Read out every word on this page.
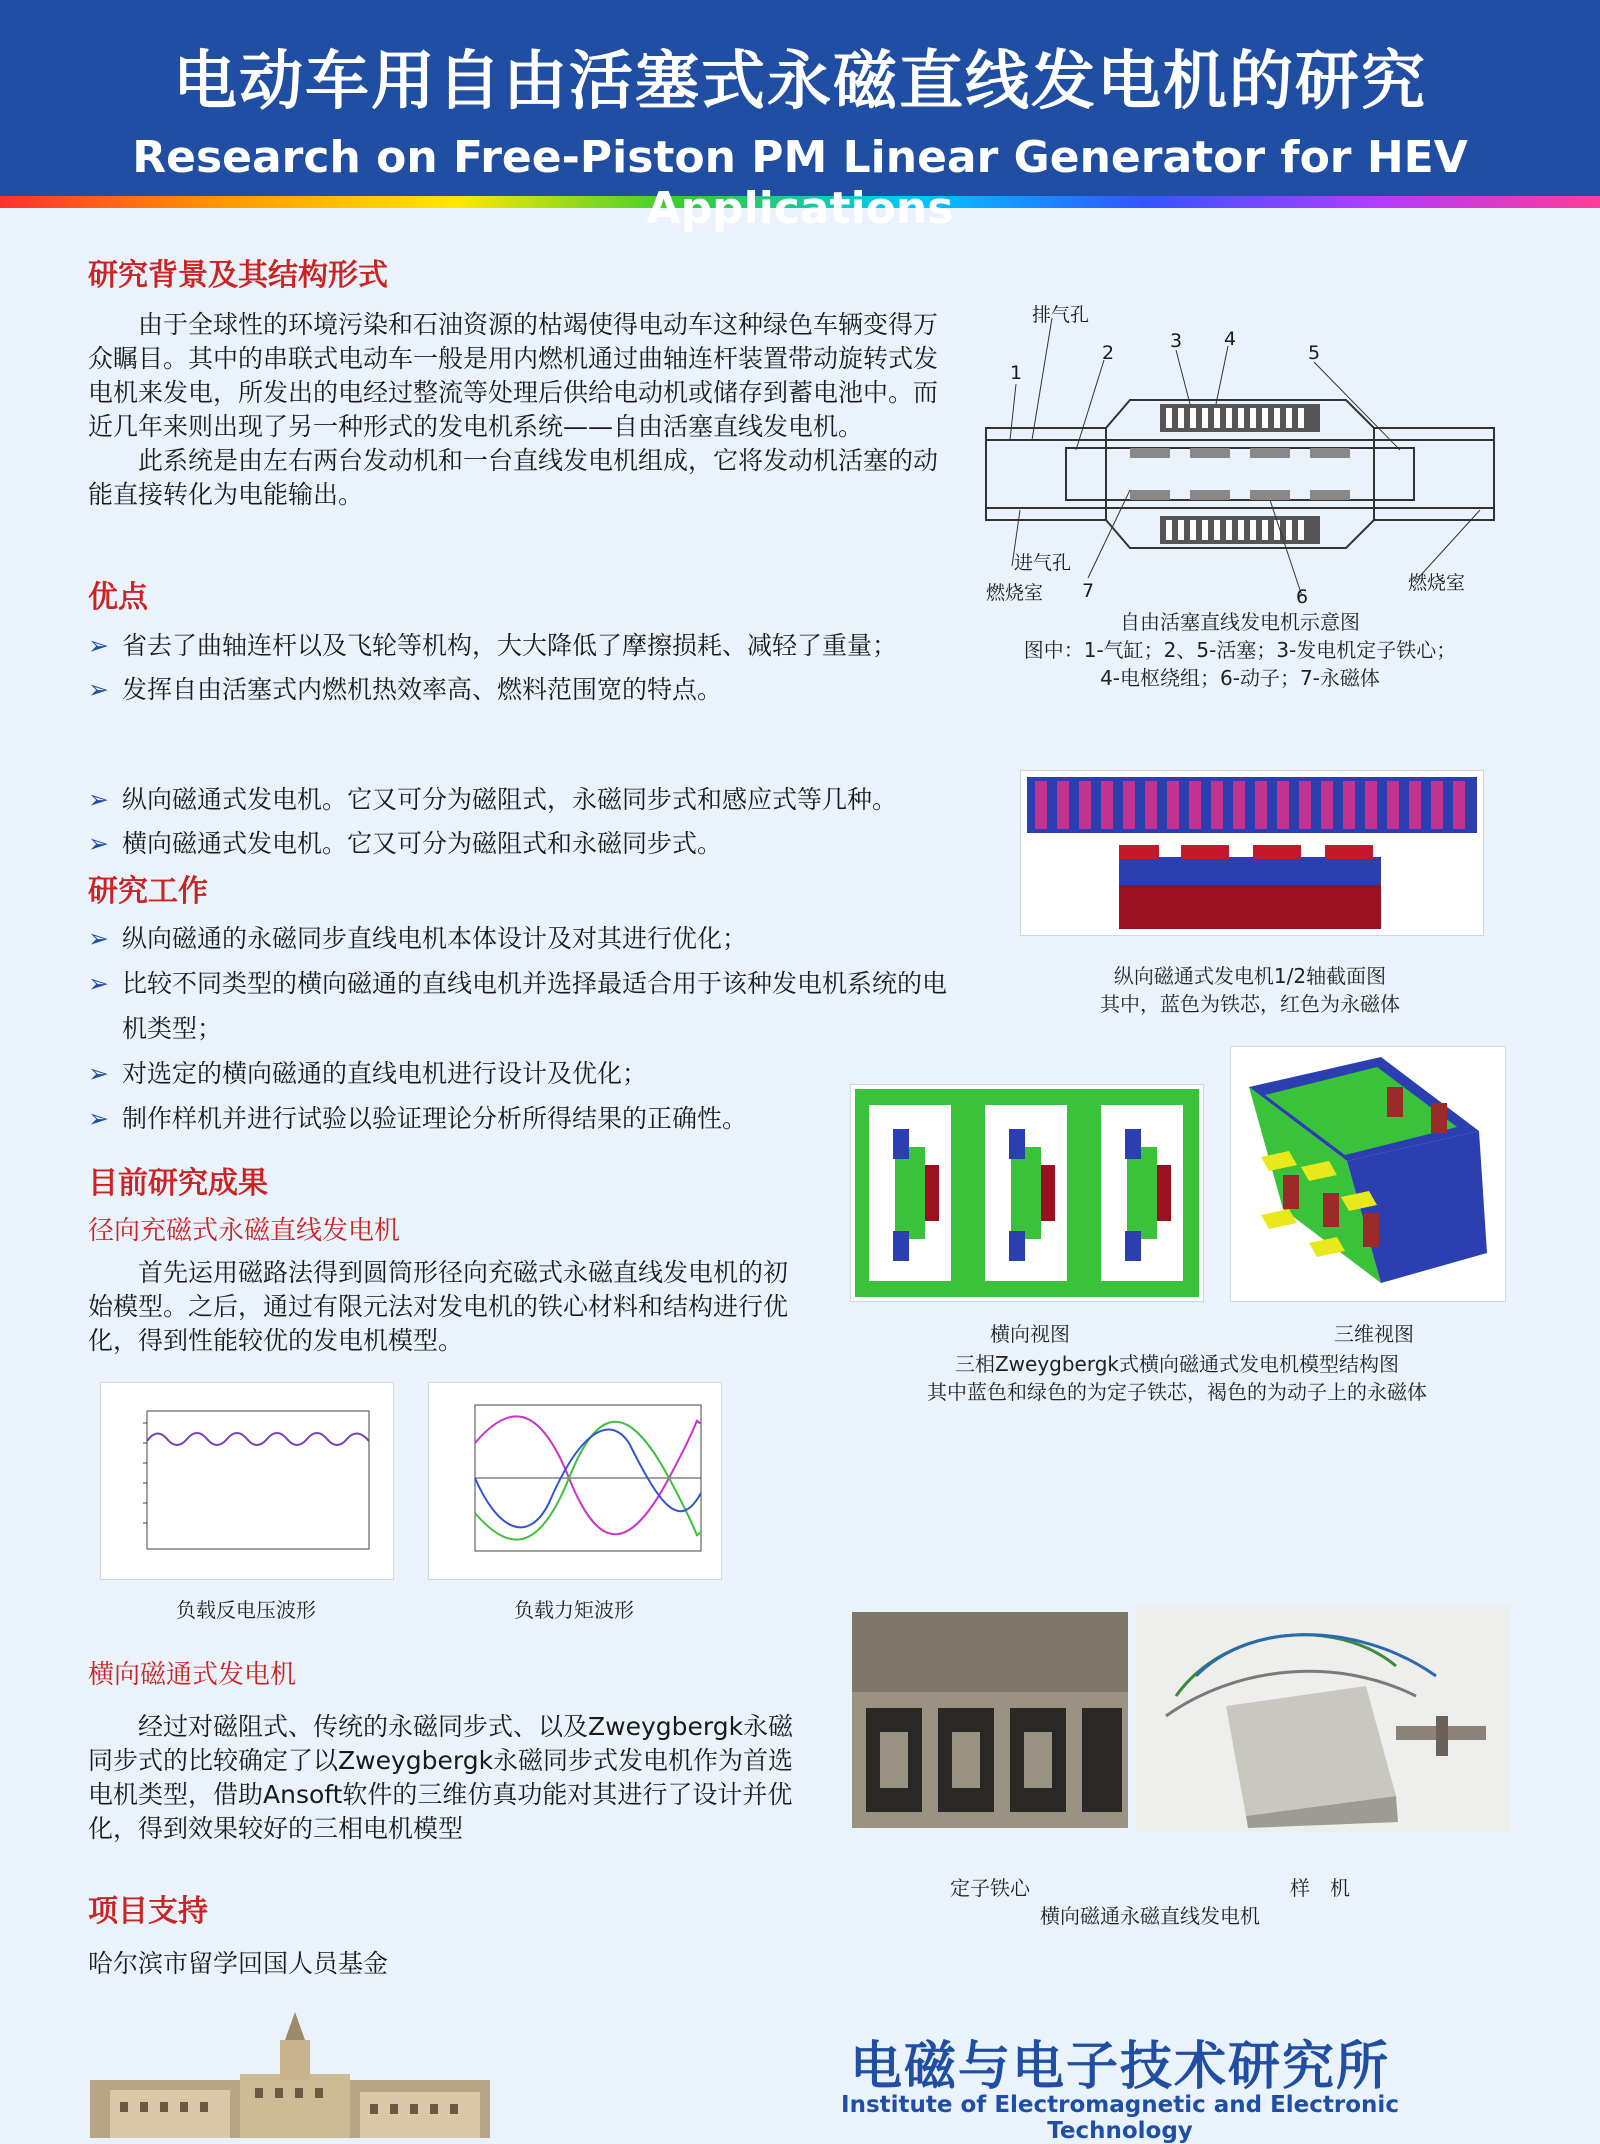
电动车用自由活塞式永磁直线发电机的研究
Research on Free-Piston PM Linear Generator for HEV Applications
研究背景及其结构形式

由于全球性的环境污染和石油资源的枯竭使得电动车这种绿色车辆变得万众瞩目。其中的串联式电动车一般是用内燃机通过曲轴连杆装置带动旋转式发电机来发电，所发出的电经过整流等处理后供给电动机或储存到蓄电池中。而近几年来则出现了另一种形式的发电机系统——自由活塞直线发电机。

此系统是由左右两台发动机和一台直线发电机组成，它将发动机活塞的动能直接转化为电能输出。

优点
➢ 省去了曲轴连杆以及飞轮等机构，大大降低了摩擦损耗、减轻了重量；
➢ 发挥自由活塞式内燃机热效率高、燃料范围宽的特点。
➢ 纵向磁通式发电机。它又可分为磁阻式，永磁同步式和感应式等几种。
➢ 横向磁通式发电机。它又可分为磁阻式和永磁同步式。
研究工作
➢ 纵向磁通的永磁同步直线电机本体设计及对其进行优化；
➢ 比较不同类型的横向磁通的直线电机并选择最适合用于该种发电机系统的电机类型；
➢ 对选定的横向磁通的直线电机进行设计及优化；
➢ 制作样机并进行试验以验证理论分析所得结果的正确性。
目前研究成果
径向充磁式永磁直线发电机

首先运用磁路法得到圆筒形径向充磁式永磁直线发电机的初始模型。之后，通过有限元法对发电机的铁心材料和结构进行优化，得到性能较优的发电机模型。

负载反电压波形	负载力矩波形
横向磁通式发电机

经过对磁阻式、传统的永磁同步式、以及Zweygbergk永磁同步式的比较确定了以Zweygbergk永磁同步式发电机作为首选电机类型，借助Ansoft软件的三维仿真功能对其进行了设计并优化，得到效果较好的三相电机模型

项目支持
哈尔滨市留学回国人员基金
排气孔
1
2
3 4
5
进气孔
燃烧室 7	6
燃烧室
自由活塞直线发电机示意图
图中：1-气缸；2、5-活塞；3-发电机定子铁心；
4-电枢绕组；6-动子；7-永磁体
纵向磁通式发电机1/2轴截面图
其中，蓝色为铁芯，红色为永磁体
横向视图	三维视图
三相Zweygbergk式横向磁通式发电机模型结构图
其中蓝色和绿色的为定子铁芯，褐色的为动子上的永磁体
定子铁心	样　机
横向磁通永磁直线发电机
电磁与电子技术研究所
Institute of Electromagnetic and Electronic Technology
